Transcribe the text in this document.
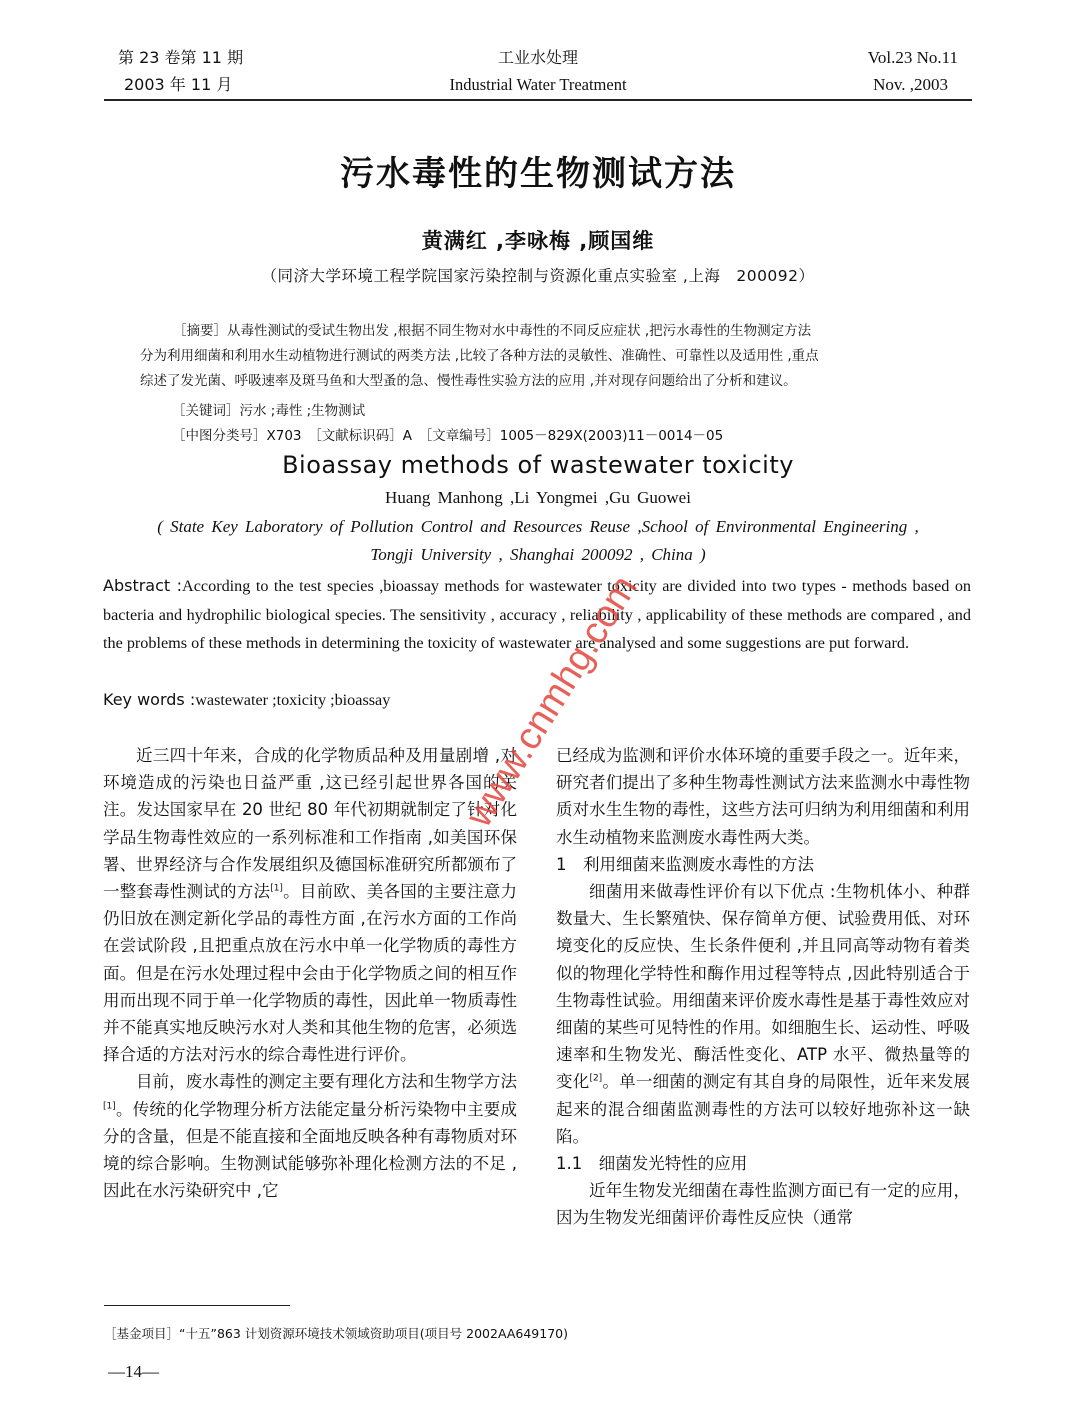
第 23 卷第 11 期
2003 年 11 月
工业水处理
Industrial Water Treatment
Vol.23 No.11
Nov. ,2003
污水毒性的生物测试方法
黄满红 ,李咏梅 ,顾国维
（同济大学环境工程学院国家污染控制与资源化重点实验室 ,上海　200092）

［摘要］从毒性测试的受试生物出发 ,根据不同生物对水中毒性的不同反应症状 ,把污水毒性的生物测定方法

分为利用细菌和利用水生动植物进行测试的两类方法 ,比较了各种方法的灵敏性、准确性、可靠性以及适用性 ,重点

综述了发光菌、呼吸速率及斑马鱼和大型蚤的急、慢性毒性实验方法的应用 ,并对现存问题给出了分析和建议。

［关键词］污水 ;毒性 ;生物测试
［中图分类号］X703　［文献标识码］A　［文章编号］1005－829X(2003)11－0014－05
Bioassay methods of wastewater toxicity
Huang Manhong ,Li Yongmei ,Gu Guowei
( State Key Laboratory of Pollution Control and Resources Reuse ,School of Environmental Engineering ,
Tongji University , Shanghai 200092 , China )
Abstract :According to the test species ,bioassay methods for wastewater toxicity are divided into two types - methods based on bacteria and hydrophilic biological species. The sensitivity , accuracy , reliability , applicability of these methods are compared , and the problems of these methods in determining the toxicity of wastewater are analysed and some suggestions are put forward.
Key words :wastewater ;toxicity ;bioassay

近三四十年来，合成的化学物质品种及用量剧增 ,对环境造成的污染也日益严重 ,这已经引起世界各国的关注。发达国家早在 20 世纪 80 年代初期就制定了针对化学品生物毒性效应的一系列标准和工作指南 ,如美国环保署、世界经济与合作发展组织及德国标准研究所都颁布了一整套毒性测试的方法[1]。目前欧、美各国的主要注意力仍旧放在测定新化学品的毒性方面 ,在污水方面的工作尚在尝试阶段 ,且把重点放在污水中单一化学物质的毒性方面。但是在污水处理过程中会由于化学物质之间的相互作用而出现不同于单一化学物质的毒性，因此单一物质毒性并不能真实地反映污水对人类和其他生物的危害，必须选择合适的方法对污水的综合毒性进行评价。

目前，废水毒性的测定主要有理化方法和生物学方法[1]。传统的化学物理分析方法能定量分析污染物中主要成分的含量，但是不能直接和全面地反映各种有毒物质对环境的综合影响。生物测试能够弥补理化检测方法的不足 ,因此在水污染研究中 ,它

已经成为监测和评价水体环境的重要手段之一。近年来，研究者们提出了多种生物毒性测试方法来监测水中毒性物质对水生生物的毒性，这些方法可归纳为利用细菌和利用水生动植物来监测废水毒性两大类。

1　利用细菌来监测废水毒性的方法

细菌用来做毒性评价有以下优点 :生物机体小、种群数量大、生长繁殖快、保存简单方便、试验费用低、对环境变化的反应快、生长条件便利 ,并且同高等动物有着类似的物理化学特性和酶作用过程等特点 ,因此特别适合于生物毒性试验。用细菌来评价废水毒性是基于毒性效应对细菌的某些可见特性的作用。如细胞生长、运动性、呼吸速率和生物发光、酶活性变化、ATP 水平、微热量等的变化[2]。单一细菌的测定有其自身的局限性，近年来发展起来的混合细菌监测毒性的方法可以较好地弥补这一缺陷。

1.1　细菌发光特性的应用

近年生物发光细菌在毒性监测方面已有一定的应用，因为生物发光细菌评价毒性反应快（通常

［基金项目］“十五”863 计划资源环境技术领域资助项目(项目号 2002AA649170)
—14—
www.cnmhg.com
